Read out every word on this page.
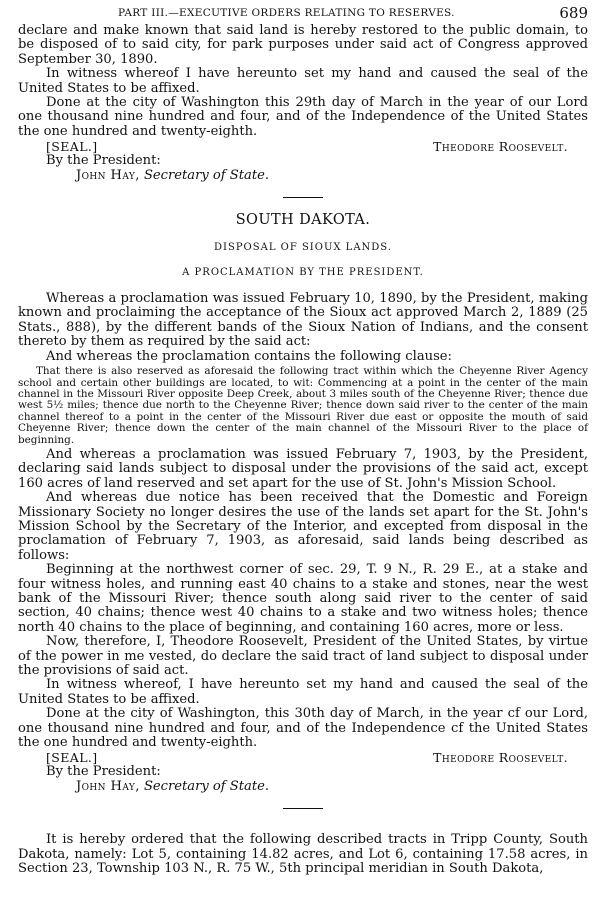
PART III.—EXECUTIVE ORDERS RELATING TO RESERVES.	689

declare and make known that said land is hereby restored to the public domain, to be disposed of to said city, for park purposes under said act of Congress approved September 30, 1890.

In witness whereof I have hereunto set my hand and caused the seal of the United States to be affixed.

Done at the city of Washington this 29th day of March in the year of our Lord one thousand nine hundred and four, and of the Independence of the United States the one hundred and twenty-eighth.

[SEAL.]	Theodore Roosevelt.

By the President:

John Hay, Secretary of State.

SOUTH DAKOTA.

DISPOSAL OF SIOUX LANDS.

A PROCLAMATION BY THE PRESIDENT.

Whereas a proclamation was issued February 10, 1890, by the President, making known and proclaiming the acceptance of the Sioux act approved March 2, 1889 (25 Stats., 888), by the different bands of the Sioux Nation of Indians, and the consent thereto by them as required by the said act:

And whereas the proclamation contains the following clause:

That there is also reserved as aforesaid the following tract within which the Cheyenne River Agency school and certain other buildings are located, to wit: Commencing at a point in the center of the main channel in the Missouri River opposite Deep Creek, about 3 miles south of the Cheyenne River; thence due west 5½ miles; thence due north to the Cheyenne River; thence down said river to the center of the main channel thereof to a point in the center of the Missouri River due east or opposite the mouth of said Cheyenne River; thence down the center of the main channel of the Missouri River to the place of beginning.

And whereas a proclamation was issued February 7, 1903, by the President, declaring said lands subject to disposal under the provisions of the said act, except 160 acres of land reserved and set apart for the use of St. John's Mission School.

And whereas due notice has been received that the Domestic and Foreign Missionary Society no longer desires the use of the lands set apart for the St. John's Mission School by the Secretary of the Interior, and excepted from disposal in the proclamation of February 7, 1903, as aforesaid, said lands being described as follows:

Beginning at the northwest corner of sec. 29, T. 9 N., R. 29 E., at a stake and four witness holes, and running east 40 chains to a stake and stones, near the west bank of the Missouri River; thence south along said river to the center of said section, 40 chains; thence west 40 chains to a stake and two witness holes; thence north 40 chains to the place of beginning, and containing 160 acres, more or less.

Now, therefore, I, Theodore Roosevelt, President of the United States, by virtue of the power in me vested, do declare the said tract of land subject to disposal under the provisions of said act.

In witness whereof, I have hereunto set my hand and caused the seal of the United States to be affixed.

Done at the city of Washington, this 30th day of March, in the year cf our Lord, one thousand nine hundred and four, and of the Independence cf the United States the one hundred and twenty-eighth.

[SEAL.]	Theodore Roosevelt.

By the President:

John Hay, Secretary of State.

It is hereby ordered that the following described tracts in Tripp County, South Dakota, namely: Lot 5, containing 14.82 acres, and Lot 6, containing 17.58 acres, in Section 23, Township 103 N., R. 75 W., 5th principal meridian in South Dakota,
